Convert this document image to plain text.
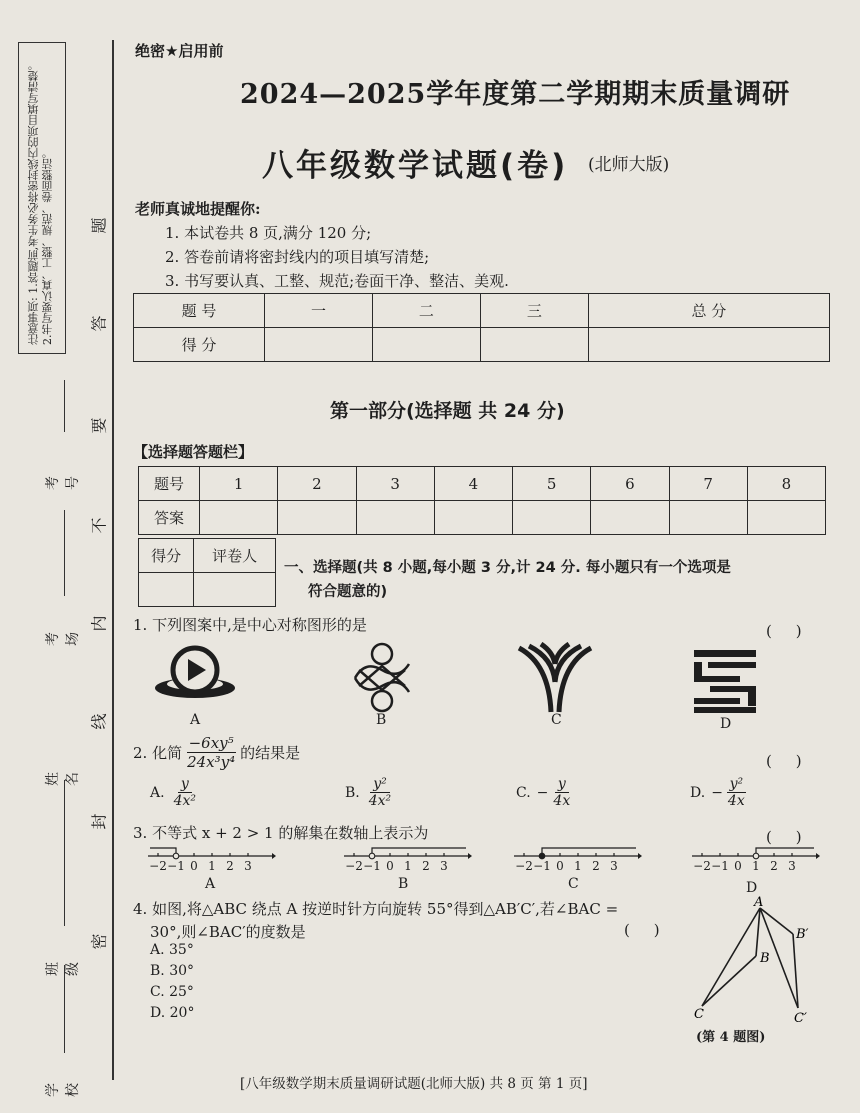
注意事项: 1.答题前,考生务必将密封线内的项目填写清楚。 2.书写要认真、工整、规范、卷面整洁。 题
答
要
不
内
线
封
密
考号
考场
姓名
班级
学校
绝密★启用前
2024—2025学年度第二学期期末质量调研
八年级数学试题(卷) (北师大版)
老师真诚地提醒你:
1. 本试卷共 8 页,满分 120 分;
2. 答卷前请将密封线内的项目填写清楚;
3. 书写要认真、工整、规范;卷面干净、整洁、美观.
题 号	一	二	三	总 分
得 分				
第一部分(选择题 共 24 分)
【选择题答题栏】
题号	1	2	3	4	5	6	7	8
答案								
得分	评卷人

一、选择题(共 8 小题,每小题 3 分,计 24 分. 每小题只有一个选项是
符合题意的)
1. 下列图案中,是中心对称图形的是	(     )
A	B	C	D
2. 化简 $\frac{\text{−6xy⁵}}{\text{24x³y⁴}}$ 的结果是	(     )
A. $\frac{y}{\text{4x²}}$	B. $\frac{\text{y²}}{\text{4x²}}$	C. − $\frac{y}{4x}$	D. − $\frac{\text{y²}}{4x}$
3. 不等式 x + 2 > 1 的解集在数轴上表示为	(     )
−2 −1 0 1 2 3	−2 −1 0 1 2 3	−2 −1 0 1 2 3	−2 −1 0 1 2 3
A	B	C	D
4. 如图,将△ABC 绕点 A 按逆时针方向旋转 55°得到△AB′C′,若∠BAC =
30°,则∠BAC′的度数是	(     )
A. 35°
B. 30°
C. 25°
D. 20°
A
B
B′
C	C′
(第 4 题图)
[八年级数学期末质量调研试题(北师大版) 共 8 页 第 1 页]
